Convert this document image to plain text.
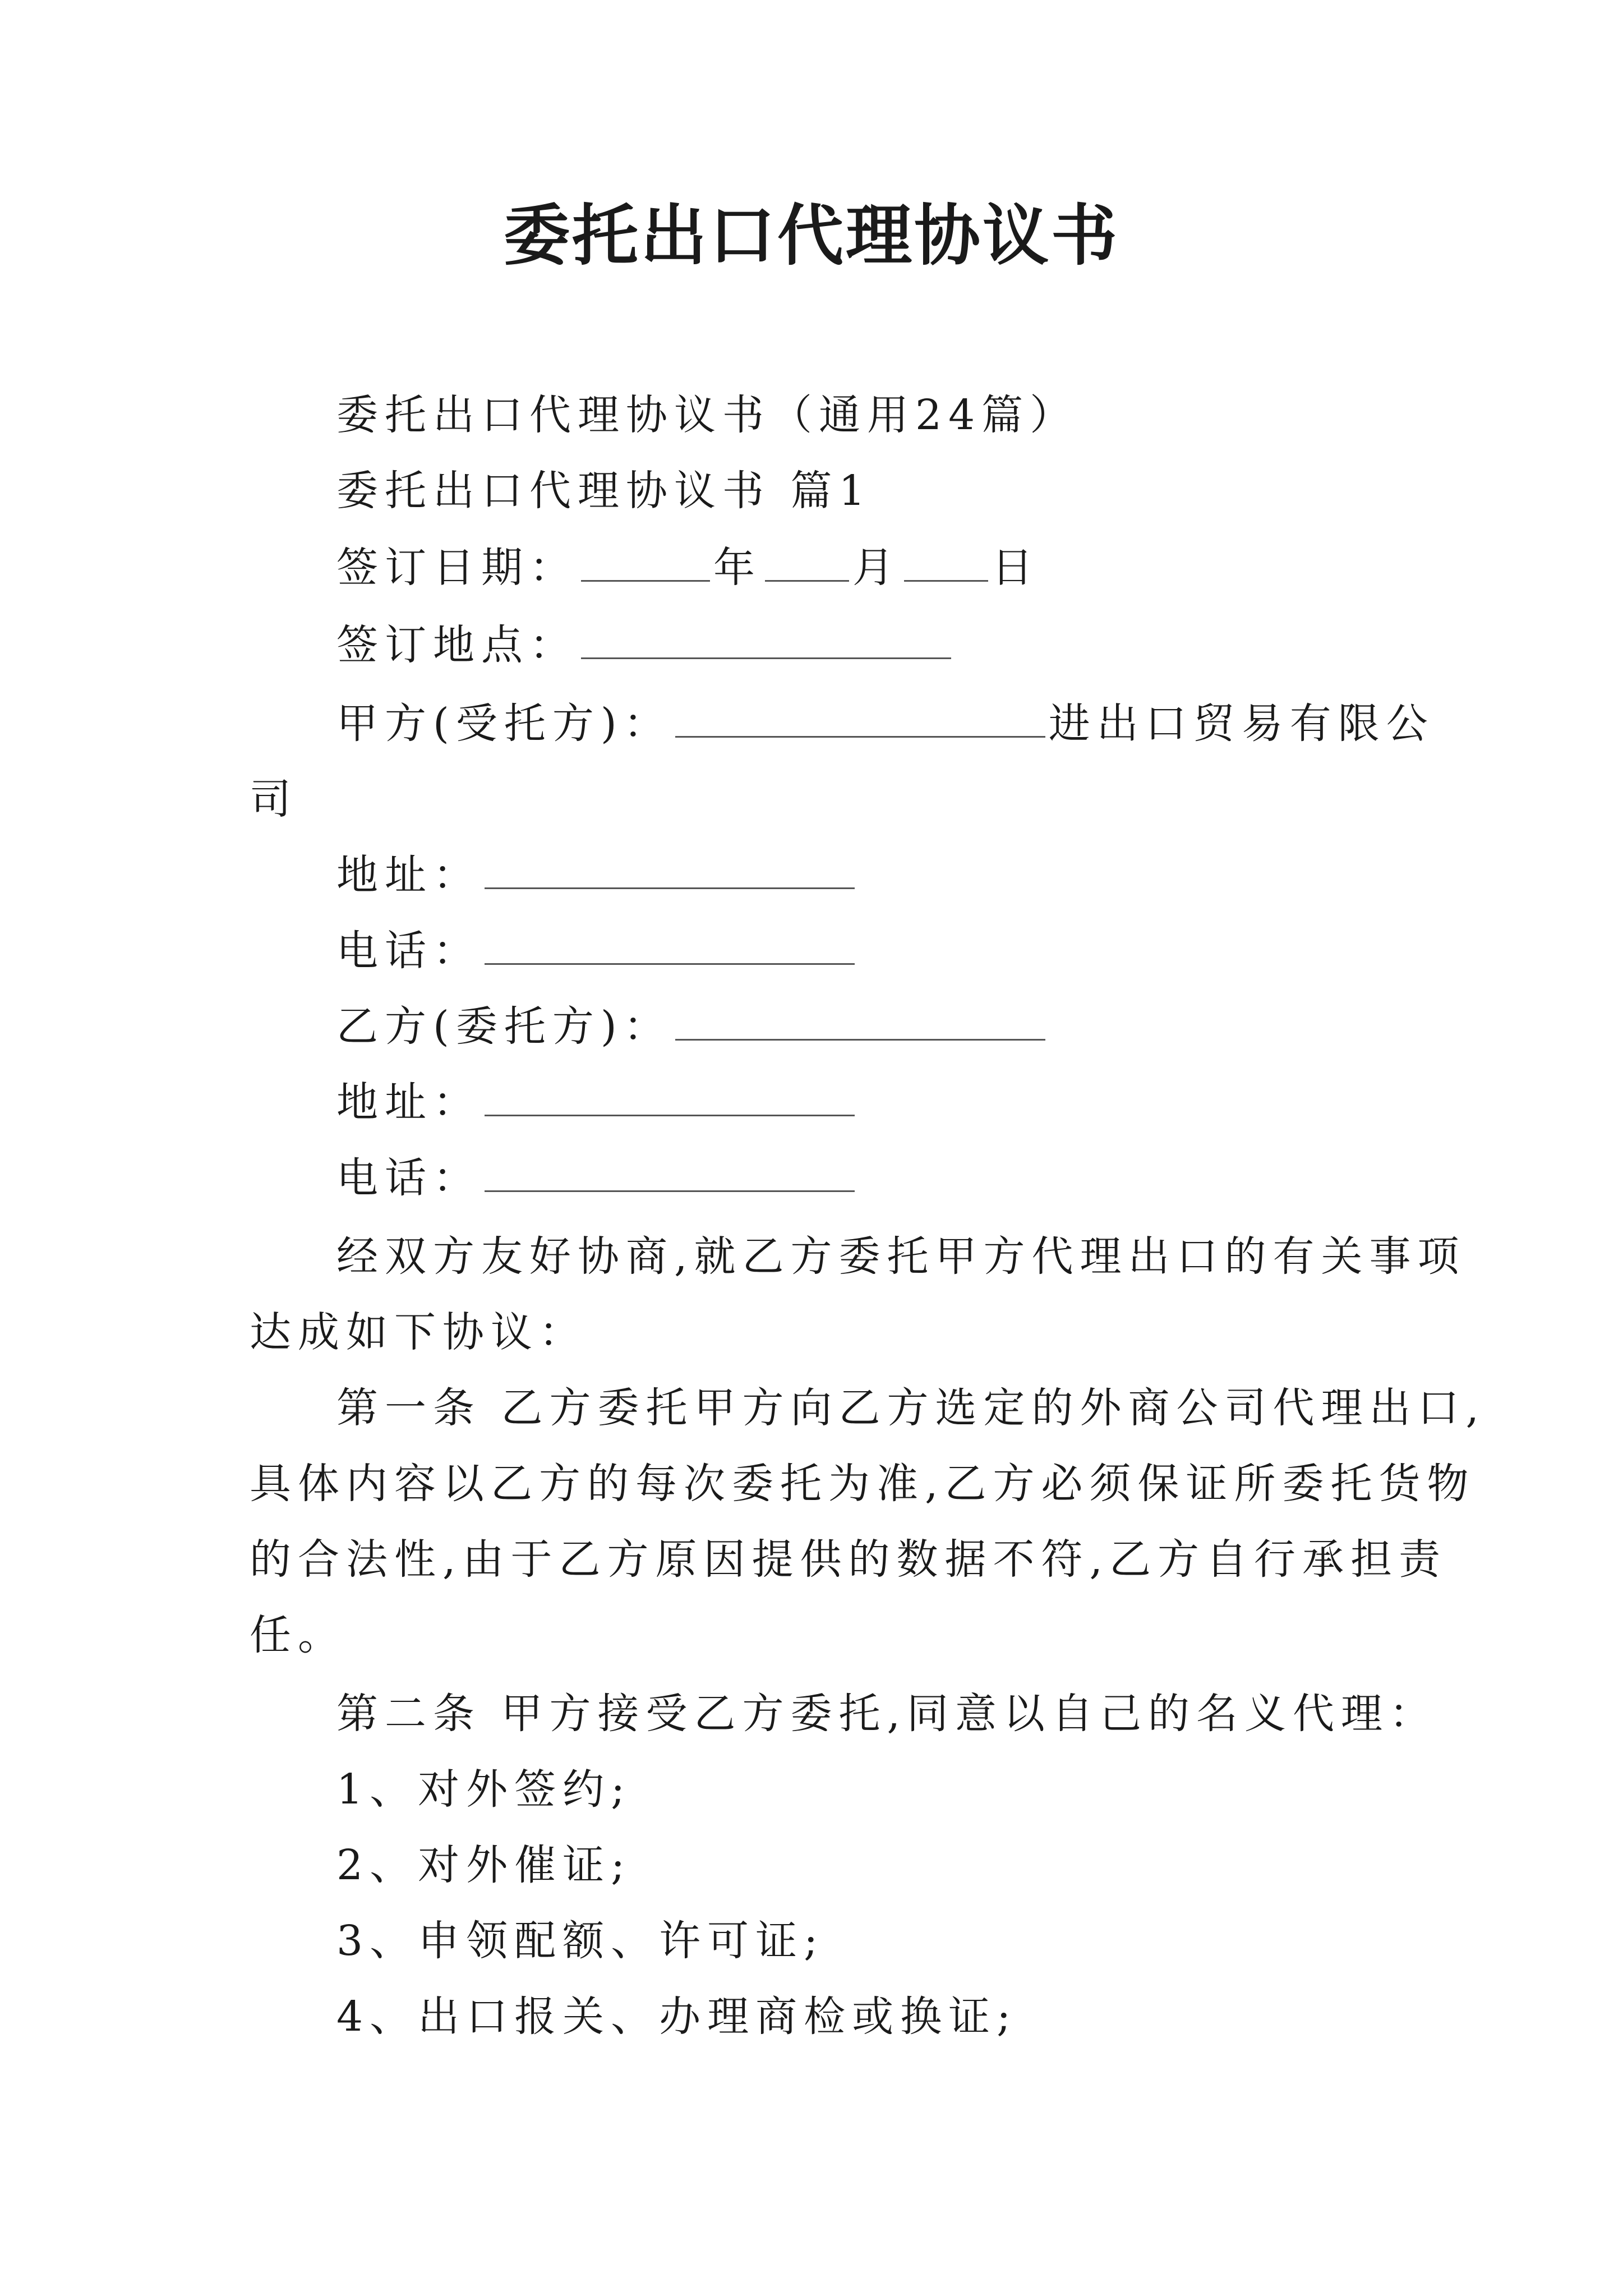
委托出口代理协议书
委托出口代理协议书（通用24篇）
委托出口代理协议书 篇1
签订日期：	年 月 日
签订地点：
甲方(受托方)：	进出口贸易有限公
司
地址：
电话：
乙方(委托方)：
地址：
电话：
经双方友好协商,就乙方委托甲方代理出口的有关事项
达成如下协议：
第一条 乙方委托甲方向乙方选定的外商公司代理出口,
具体内容以乙方的每次委托为准,乙方必须保证所委托货物
的合法性,由于乙方原因提供的数据不符,乙方自行承担责
任。
第二条 甲方接受乙方委托,同意以自己的名义代理：
1、对外签约;
2、对外催证;
3、申领配额、许可证;
4、出口报关、办理商检或换证;
